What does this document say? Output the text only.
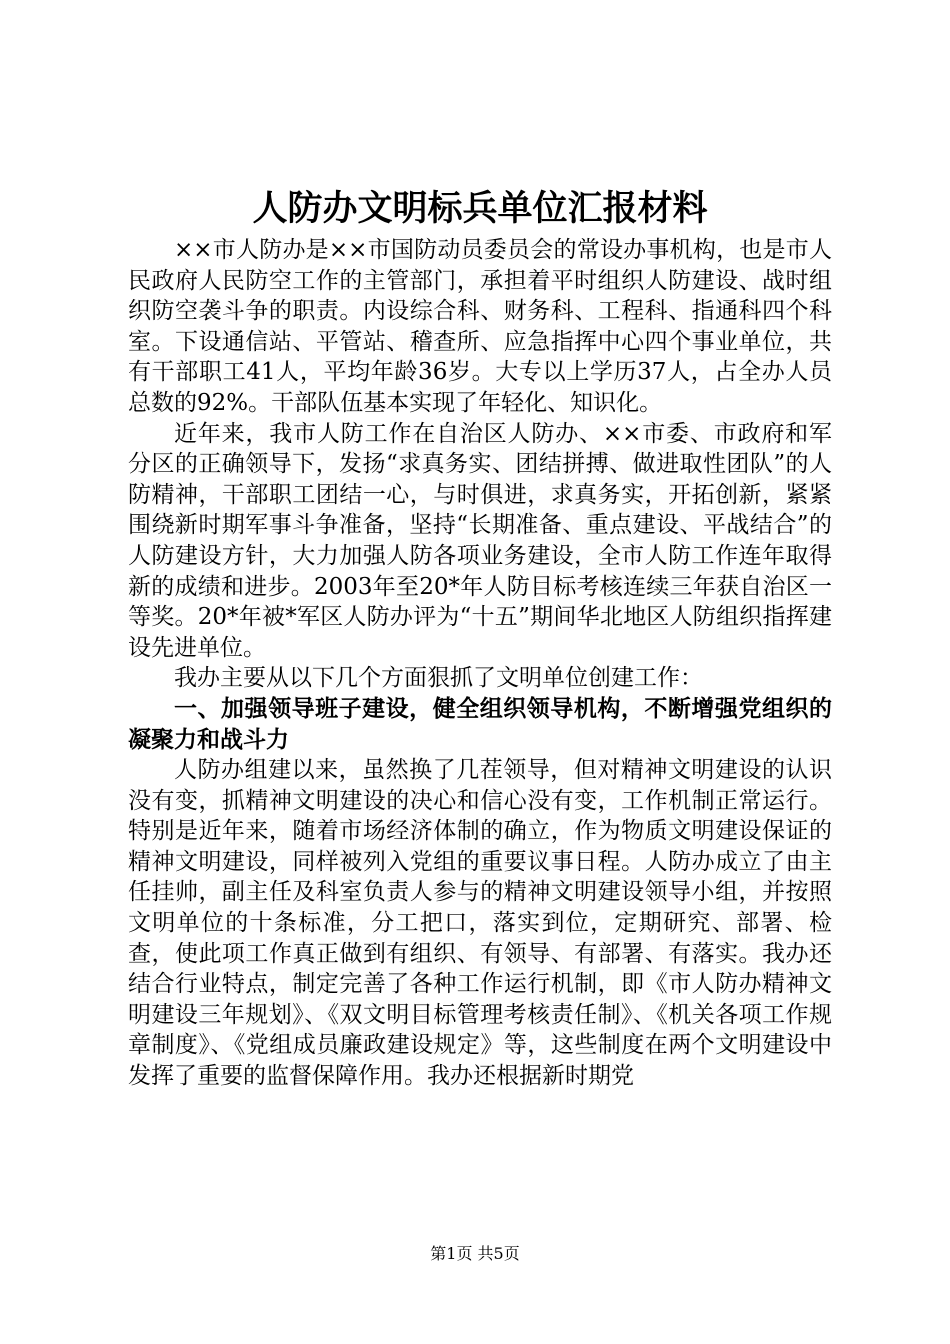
人防办文明标兵单位汇报材料

××市人防办是××市国防动员委员会的常设办事机构，也是市人民政府人民防空工作的主管部门，承担着平时组织人防建设、战时组织防空袭斗争的职责。内设综合科、财务科、工程科、指通科四个科室。下设通信站、平管站、稽查所、应急指挥中心四个事业单位，共有干部职工41人，平均年龄36岁。大专以上学历37人，占全办人员总数的92%。干部队伍基本实现了年轻化、知识化。

近年来，我市人防工作在自治区人防办、××市委、市政府和军分区的正确领导下，发扬“求真务实、团结拼搏、做进取性团队”的人防精神，干部职工团结一心，与时俱进，求真务实，开拓创新，紧紧围绕新时期军事斗争准备，坚持“长期准备、重点建设、平战结合”的人防建设方针，大力加强人防各项业务建设，全市人防工作连年取得新的成绩和进步。2003年至20*年人防目标考核连续三年获自治区一等奖。20*年被*军区人防办评为“十五”期间华北地区人防组织指挥建设先进单位。

我办主要从以下几个方面狠抓了文明单位创建工作：

一、加强领导班子建设，健全组织领导机构，不断增强党组织的凝聚力和战斗力

人防办组建以来，虽然换了几茬领导，但对精神文明建设的认识没有变，抓精神文明建设的决心和信心没有变，工作机制正常运行。特别是近年来，随着市场经济体制的确立，作为物质文明建设保证的精神文明建设，同样被列入党组的重要议事日程。人防办成立了由主任挂帅，副主任及科室负责人参与的精神文明建设领导小组，并按照文明单位的十条标准，分工把口，落实到位，定期研究、部署、检查，使此项工作真正做到有组织、有领导、有部署、有落实。我办还结合行业特点，制定完善了各种工作运行机制，即《市人防办精神文明建设三年规划》、《双文明目标管理考核责任制》、《机关各项工作规章制度》、《党组成员廉政建设规定》等，这些制度在两个文明建设中发挥了重要的监督保障作用。我办还根据新时期党

第1页 共5页
